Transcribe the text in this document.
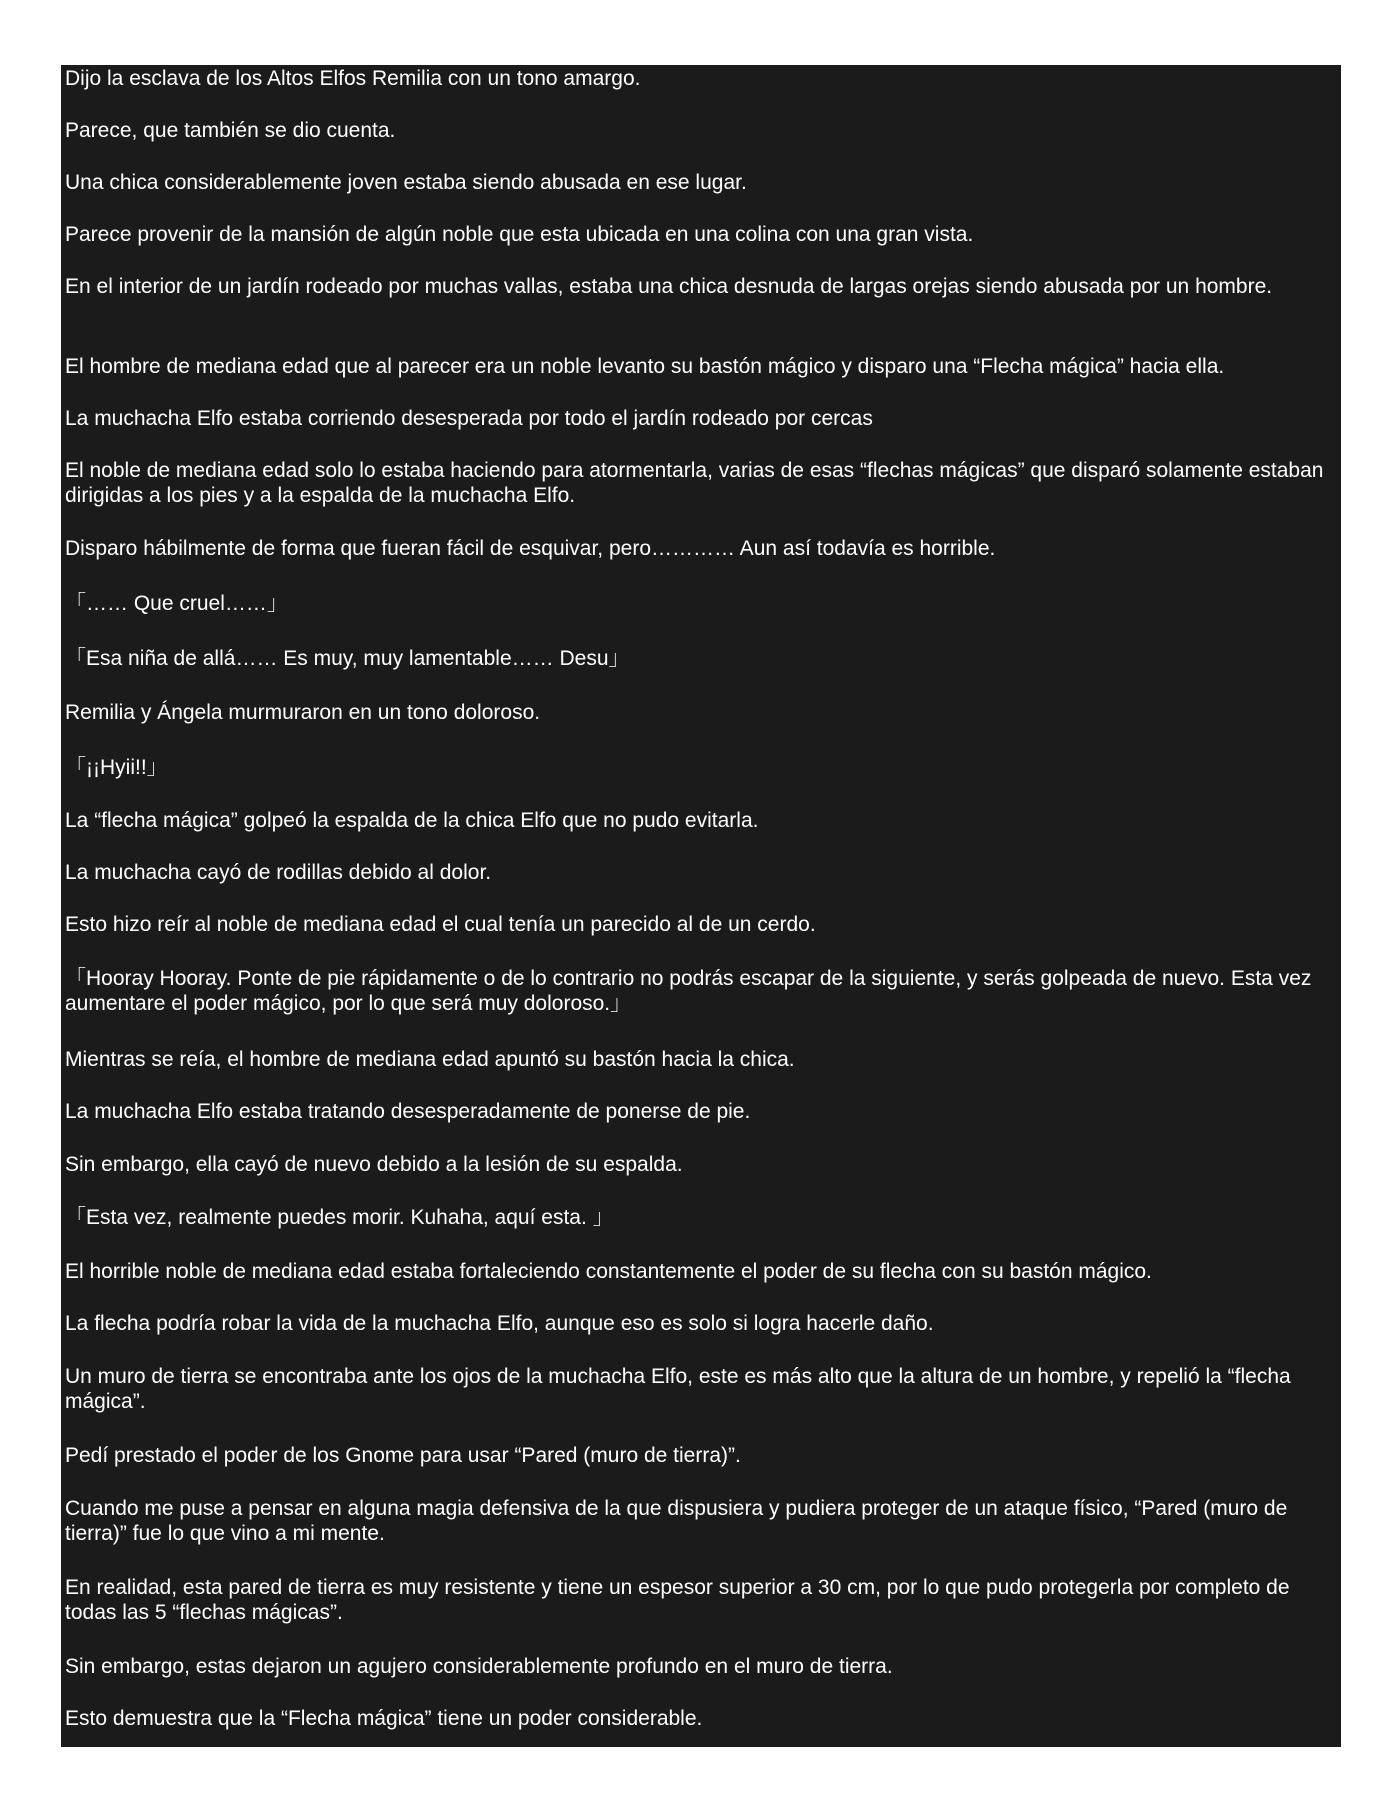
Dijo la esclava de los Altos Elfos Remilia con un tono amargo.

Parece, que también se dio cuenta.

Una chica considerablemente joven estaba siendo abusada en ese lugar.

Parece provenir de la mansión de algún noble que esta ubicada en una colina con una gran vista.

En el interior de un jardín rodeado por muchas vallas, estaba una chica desnuda de largas orejas siendo abusada por un hombre.

El hombre de mediana edad que al parecer era un noble levanto su bastón mágico y disparo una “Flecha mágica” hacia ella.

La muchacha Elfo estaba corriendo desesperada por todo el jardín rodeado por cercas

El noble de mediana edad solo lo estaba haciendo para atormentarla, varias de esas “flechas mágicas” que disparó solamente estaban dirigidas a los pies y a la espalda de la muchacha Elfo.

Disparo hábilmente de forma que fueran fácil de esquivar, pero………… Aun así todavía es horrible.

「…… Que cruel……」

「Esa niña de allá…… Es muy, muy lamentable…… Desu」

Remilia y Ángela murmuraron en un tono doloroso.

「¡¡Hyii!!」

La “flecha mágica” golpeó la espalda de la chica Elfo que no pudo evitarla.

La muchacha cayó de rodillas debido al dolor.

Esto hizo reír al noble de mediana edad el cual tenía un parecido al de un cerdo.

「Hooray Hooray. Ponte de pie rápidamente o de lo contrario no podrás escapar de la siguiente, y serás golpeada de nuevo. Esta vez aumentare el poder mágico, por lo que será muy doloroso.」

Mientras se reía, el hombre de mediana edad apuntó su bastón hacia la chica.

La muchacha Elfo estaba tratando desesperadamente de ponerse de pie.

Sin embargo, ella cayó de nuevo debido a la lesión de su espalda.

「Esta vez, realmente puedes morir. Kuhaha, aquí esta. 」

El horrible noble de mediana edad estaba fortaleciendo constantemente el poder de su flecha con su bastón mágico.

La flecha podría robar la vida de la muchacha Elfo, aunque eso es solo si logra hacerle daño.

Un muro de tierra se encontraba ante los ojos de la muchacha Elfo, este es más alto que la altura de un hombre, y repelió la “flecha mágica”.

Pedí prestado el poder de los Gnome para usar “Pared (muro de tierra)”.

Cuando me puse a pensar en alguna magia defensiva de la que dispusiera y pudiera proteger de un ataque físico, “Pared (muro de tierra)” fue lo que vino a mi mente.

En realidad, esta pared de tierra es muy resistente y tiene un espesor superior a 30 cm, por lo que pudo protegerla por completo de todas las 5 “flechas mágicas”.

Sin embargo, estas dejaron un agujero considerablemente profundo en el muro de tierra.

Esto demuestra que la “Flecha mágica” tiene un poder considerable.
